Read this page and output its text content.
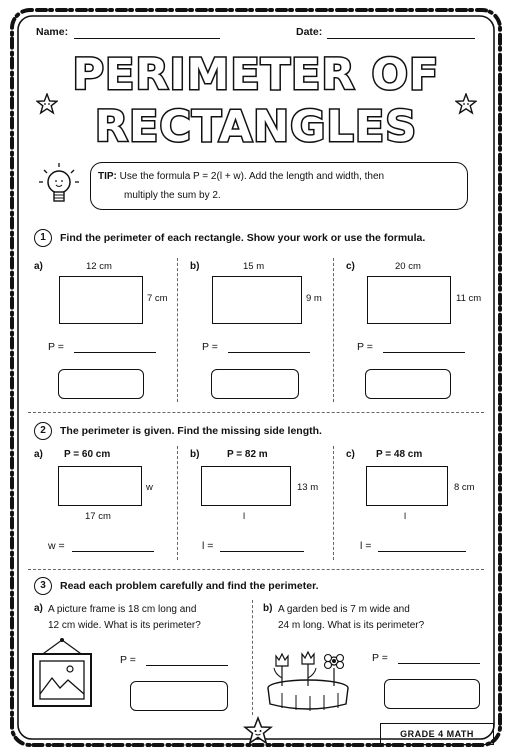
Name:	Date:
PERIMETER OF
RECTANGLES
TIP: Use the formula P = 2(l + w). Add the length and width, then
multiply the sum by 2.
1	Find the perimeter of each rectangle. Show your work or use the formula.
a)	12 cm
7 cm
P =
b)	15 m
9 m
P =
c)	20 cm
11 cm
P =
2	The perimeter is given. Find the missing side length.
a) P = 60 cm
w
17 cm
w =
b)	P = 82 m
13 m
l
l =
c) P = 48 cm
8 cm
l
l =
3	Read each problem carefully and find the perimeter.
a) A picture frame is 18 cm long and
12 cm wide. What is its perimeter?
P =
b) A garden bed is 7 m wide and
24 m long. What is its perimeter?
P =
GRADE 4 MATH
